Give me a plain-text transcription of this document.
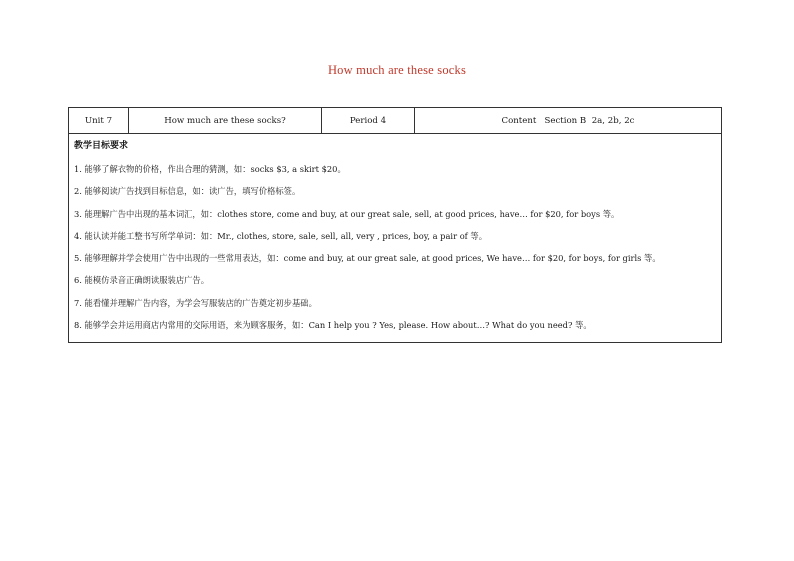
How much are these socks
Unit 7	How much are these socks?	Period 4	Content   Section B  2a, 2b, 2c

教学目标要求
1. 能够了解衣物的价格，作出合理的猜测，如：socks $3, a skirt $20。
2. 能够阅读广告找到目标信息，如：读广告，填写价格标签。
3. 能理解广告中出现的基本词汇，如：clothes store, come and buy, at our great sale, sell, at good prices, have… for $20, for boys 等。
4. 能认读并能工整书写所学单词：如：Mr., clothes, store, sale, sell, all, very , prices, boy, a pair of 等。
5. 能够理解并学会使用广告中出现的一些常用表达，如：come and buy, at our great sale, at good prices, We have… for $20, for boys, for girls 等。
6. 能模仿录音正确朗读服装店广告。
7. 能看懂并理解广告内容，为学会写服装店的广告奠定初步基础。
8. 能够学会并运用商店内常用的交际用语，来为顾客服务，如：Can I help you ? Yes, please. How about…? What do you need? 等。
